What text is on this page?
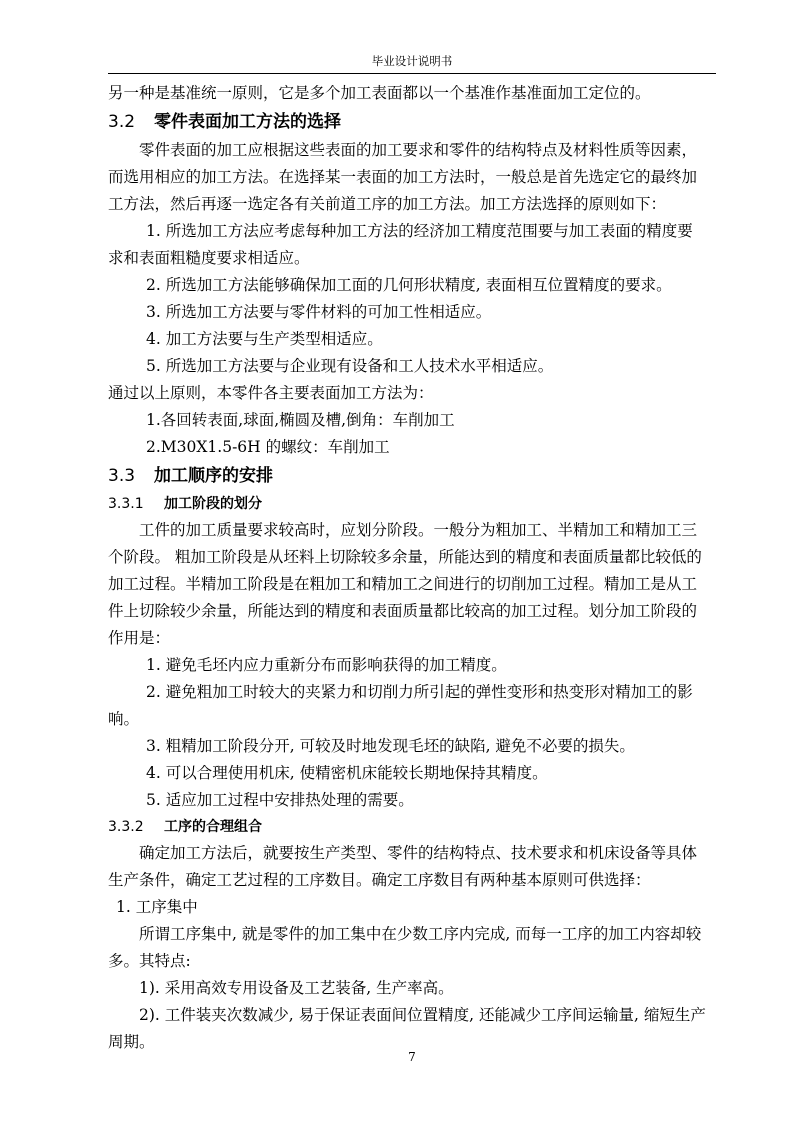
毕业设计说明书
另一种是基准统一原则，它是多个加工表面都以一个基准作基准面加工定位的。
3.2 零件表面加工方法的选择
零件表面的加工应根据这些表面的加工要求和零件的结构特点及材料性质等因素，
而选用相应的加工方法。在选择某一表面的加工方法时，一般总是首先选定它的最终加
工方法，然后再逐一选定各有关前道工序的加工方法。加工方法选择的原则如下：
1. 所选加工方法应考虑每种加工方法的经济加工精度范围要与加工表面的精度要
求和表面粗糙度要求相适应。
2. 所选加工方法能够确保加工面的几何形状精度, 表面相互位置精度的要求。
3. 所选加工方法要与零件材料的可加工性相适应。
4. 加工方法要与生产类型相适应。
5. 所选加工方法要与企业现有设备和工人技术水平相适应。
通过以上原则，本零件各主要表面加工方法为：
1.各回转表面,球面,椭圆及槽,倒角：车削加工
2.M30X1.5-6H 的螺纹：车削加工
3.3 加工顺序的安排
3.3.1 加工阶段的划分
工件的加工质量要求较高时，应划分阶段。一般分为粗加工、半精加工和精加工三
个阶段。 粗加工阶段是从坯料上切除较多余量，所能达到的精度和表面质量都比较低的
加工过程。半精加工阶段是在粗加工和精加工之间进行的切削加工过程。精加工是从工
件上切除较少余量，所能达到的精度和表面质量都比较高的加工过程。划分加工阶段的
作用是：
1. 避免毛坯内应力重新分布而影响获得的加工精度。
2. 避免粗加工时较大的夹紧力和切削力所引起的弹性变形和热变形对精加工的影
响。
3. 粗精加工阶段分开, 可较及时地发现毛坯的缺陷, 避免不必要的损失。
4. 可以合理使用机床, 使精密机床能较长期地保持其精度。
5. 适应加工过程中安排热处理的需要。
3.3.2 工序的合理组合
确定加工方法后，就要按生产类型、零件的结构特点、技术要求和机床设备等具体
生产条件，确定工艺过程的工序数目。确定工序数目有两种基本原则可供选择：
1. 工序集中
所谓工序集中, 就是零件的加工集中在少数工序内完成, 而每一工序的加工内容却较
多。其特点:
1). 采用高效专用设备及工艺装备, 生产率高。
2). 工件装夹次数减少, 易于保证表面间位置精度, 还能减少工序间运输量, 缩短生产
周期。
7
